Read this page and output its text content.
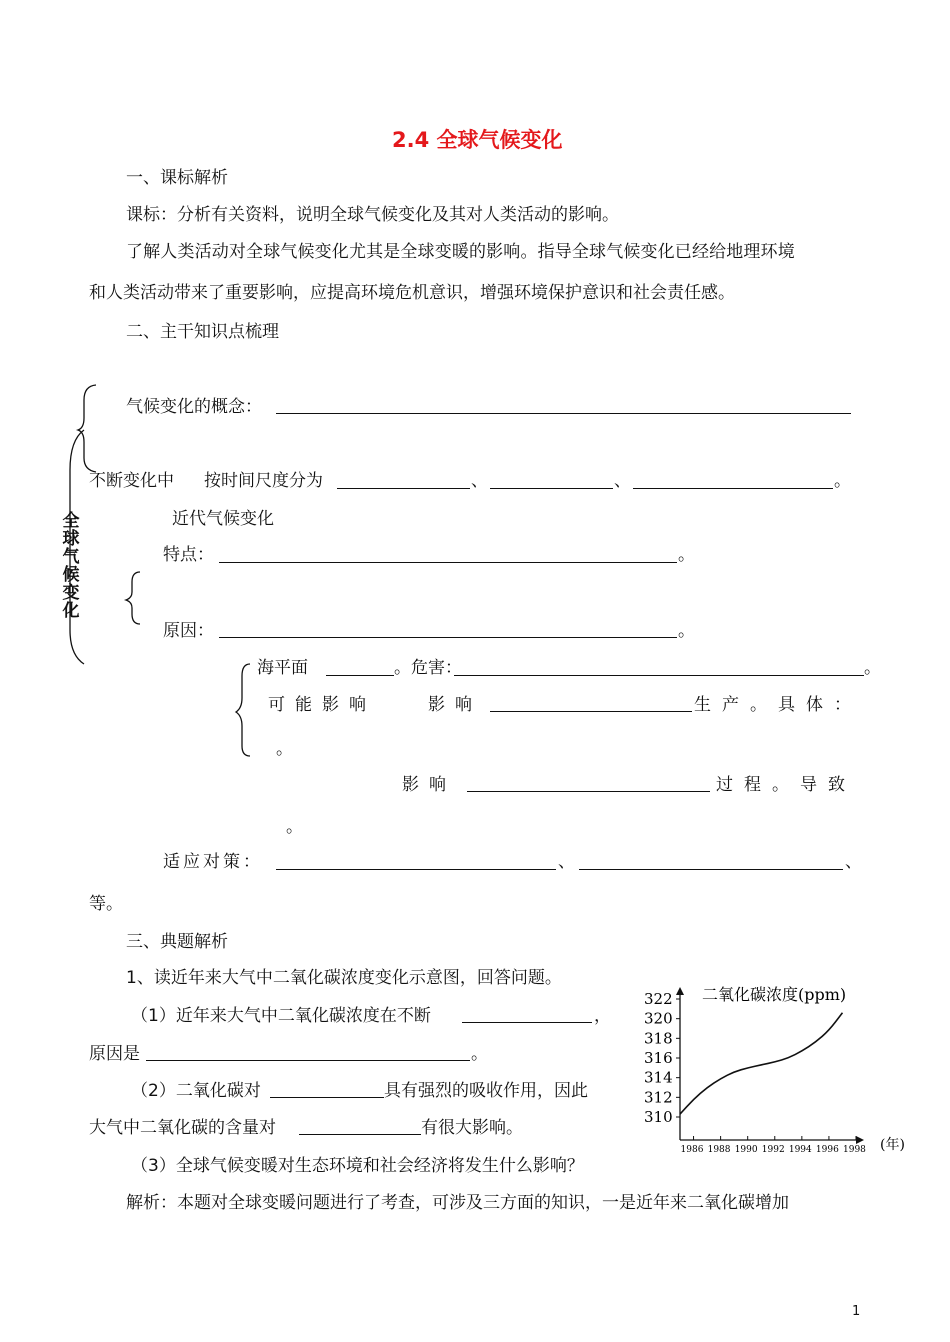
2.4 全球气候变化
一、课标解析
课标：分析有关资料，说明全球气候变化及其对人类活动的影响。
了解人类活动对全球气候变化尤其是全球变暖的影响。指导全球气候变化已经给地理环境
和人类活动带来了重要影响，应提高环境危机意识，增强环境保护意识和社会责任感。
二、主干知识点梳理
全
球
气
候
变
化
气候变化的概念：
不断变化中 按时间尺度分为	、	、	。
近代气候变化
特点：	。
原因：	。
海平面	。危害：	。
可能影响	影响	生产。具体：
。
影响	过程。导致
。
适应对策：	、	、
等。
三、典题解析
1、读近年来大气中二氧化碳浓度变化示意图，回答问题。
（1）近年来大气中二氧化碳浓度在不断	，
原因是	。
（2）二氧化碳对	具有强烈的吸收作用，因此
大气中二氧化碳的含量对	有很大影响。
（3）全球气候变暖对生态环境和社会经济将发生什么影响？
解析：本题对全球变暖问题进行了考查，可涉及三方面的知识，一是近年来二氧化碳增加
二氧化碳浓度(ppm)
(年)
322
320
318
316
314
312
310
1986 1988 1990 1992 1994 1996 1998
1
